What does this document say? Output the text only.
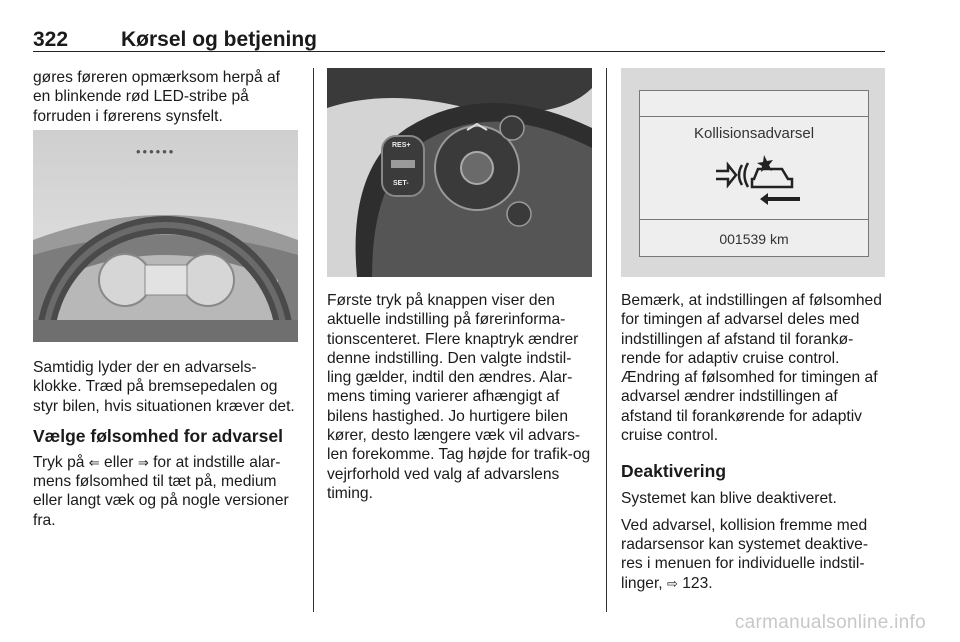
322	Kørsel og betjening

gøres føreren opmærksom herpå af en blinkende rød LED-stribe på forruden i førerens synsfelt.

••••••

Samtidig lyder der en advarsels-klokke. Træd på bremsepedalen og styr bilen, hvis situationen kræver det.

Vælge følsomhed for advarsel

Tryk på ⇐ eller ⇒ for at indstille alar-mens følsomhed til tæt på, medium eller langt væk og på nogle versioner fra.

RES+
SET-

Første tryk på knappen viser den aktuelle indstilling på førerinforma-tionscenteret. Flere knaptryk ændrer denne indstilling. Den valgte indstil-ling gælder, indtil den ændres. Alar-mens timing varierer afhængigt af bilens hastighed. Jo hurtigere bilen kører, desto længere væk vil advars-len forekomme. Tag højde for trafik-og vejrforhold ved valg af advarslens timing.

Kollisionsadvarsel
001539 km

Bemærk, at indstillingen af følsomhed for timingen af advarsel deles med indstillingen af afstand til forankø-rende for adaptiv cruise control. Ændring af følsomhed for timingen af advarsel ændrer indstillingen af afstand til forankørende for adaptiv cruise control.

Deaktivering

Systemet kan blive deaktiveret.

Ved advarsel, kollision fremme med radarsensor kan systemet deaktive-res i menuen for individuelle indstil-linger, ⇨ 123.

carmanualsonline.info
